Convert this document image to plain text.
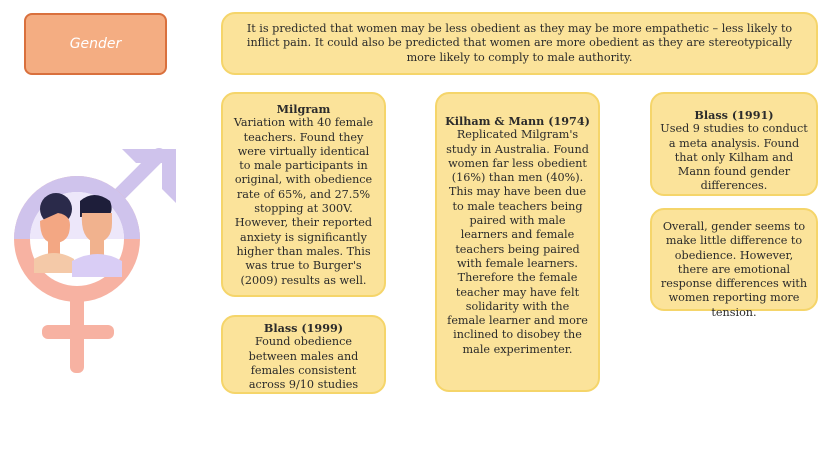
Gender
It is predicted that women may be less obedient as they may be more empathetic – less likely to inflict pain. It could also be predicted that women are more obedient as they are stereotypically more likely to comply to male authority.
Milgram
Variation with 40 female teachers. Found they were virtually identical to male participants in original, with obedience rate of 65%, and 27.5% stopping at 300V. However, their reported anxiety is significantly higher than males. This was true to Burger's (2009) results as well.
Blass (1999)
Found obedience between males and females consistent across 9/10 studies
Kilham & Mann (1974)
Replicated Milgram's study in Australia. Found women far less obedient (16%) than men (40%). This may have been due to male teachers being paired with male learners and female teachers being paired with female learners. Therefore the female teacher may have felt solidarity with the female learner and more inclined to disobey the male experimenter.
Blass (1991)
Used 9 studies to conduct a meta analysis. Found that only Kilham and Mann found gender differences.
Overall, gender seems to make little difference to obedience. However, there are emotional response differences with women reporting more tension.
